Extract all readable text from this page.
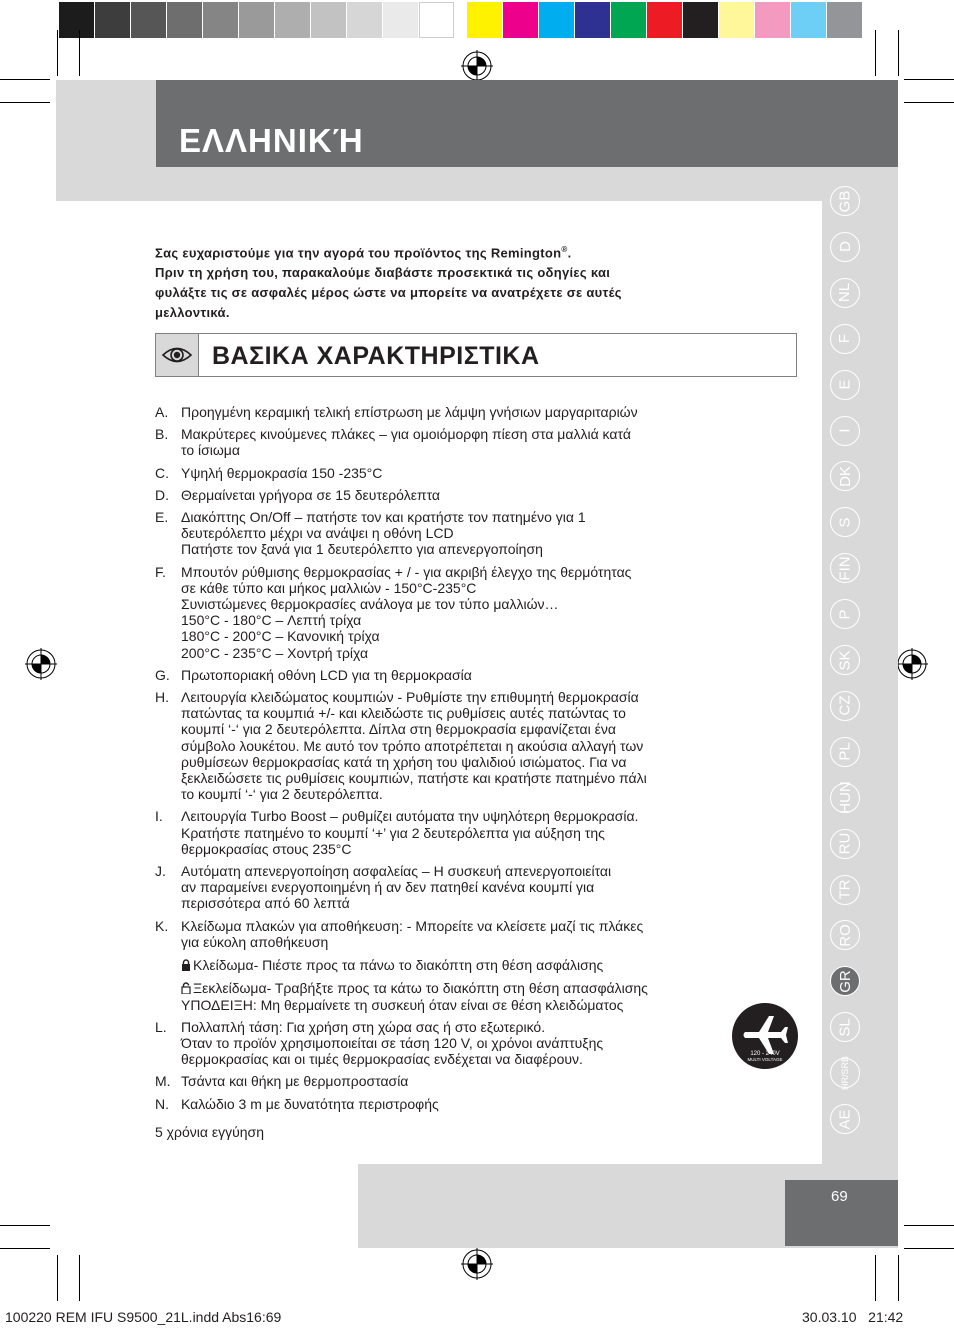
ΕΛΛΗΝΙΚΉ

Σας ευχαριστούμε για την αγορά του προϊόντος της Remington®.

Πριν τη χρήση του, παρακαλούμε διαβάστε προσεκτικά τις οδηγίες και

φυλάξτε τις σε ασφαλές μέρος ώστε να μπορείτε να ανατρέχετε σε αυτές

μελλοντικά.

ΒΑΣΙΚΑ ΧΑΡΑΚΤΗΡΙΣΤΙΚΑ
A. Προηγμένη κεραμική τελική επίστρωση με λάμψη γνήσιων μαργαριταριών
B. Μακρύτερες κινούμενες πλάκες – για ομοιόμορφη πίεση στα μαλλιά κατά
το ίσιωμα
C. Υψηλή θερμοκρασία 150 -235°C
D. Θερμαίνεται γρήγορα σε 15 δευτερόλεπτα
E. Διακόπτης On/Off – πατήστε τον και κρατήστε τον πατημένο για 1
δευτερόλεπτο μέχρι να ανάψει η οθόνη LCD
Πατήστε τον ξανά για 1 δευτερόλεπτο για απενεργοποίηση
F.	Μπουτόν ρύθμισης θερμοκρασίας + / - για ακριβή έλεγχο της θερμότητας
σε κάθε τύπο και μήκος μαλλιών - 150°C-235°C
Συνιστώμενες θερμοκρασίες ανάλογα με τον τύπο μαλλιών…
150°C - 180°C – Λεπτή τρίχα
180°C - 200°C – Κανονική τρίχα
200°C - 235°C – Χοντρή τρίχα
G. Πρωτοποριακή οθόνη LCD για τη θερμοκρασία
H. Λειτουργία κλειδώματος κουμπιών - Ρυθμίστε την επιθυμητή θερμοκρασία
πατώντας τα κουμπιά +/- και κλειδώστε τις ρυθμίσεις αυτές πατώντας το
κουμπί ‘-‘ για 2 δευτερόλεπτα. Δίπλα στη θερμοκρασία εμφανίζεται ένα
σύμβολο λουκέτου. Με αυτό τον τρόπο αποτρέπεται η ακούσια αλλαγή των
ρυθμίσεων θερμοκρασίας κατά τη χρήση του ψαλιδιού ισιώματος. Για να
ξεκλειδώσετε τις ρυθμίσεις κουμπιών, πατήστε και κρατήστε πατημένο πάλι
το κουμπί ‘-‘ για 2 δευτερόλεπτα.
I.	Λειτουργία Turbo Boost – ρυθμίζει αυτόματα την υψηλότερη θερμοκρασία.
Κρατήστε πατημένο το κουμπί ‘+’ για 2 δευτερόλεπτα για αύξηση της
θερμοκρασίας στους 235°C
J.	Αυτόματη απενεργοποίηση ασφαλείας – Η συσκευή απενεργοποιείται
αν παραμείνει ενεργοποιημένη ή αν δεν πατηθεί κανένα κουμπί για
περισσότερα από 60 λεπτά
K. Κλείδωμα πλακών για αποθήκευση: - Μπορείτε να κλείσετε μαζί τις πλάκες
για εύκολη αποθήκευση
Κλείδωμα- Πιέστε προς τα πάνω το διακόπτη στη θέση ασφάλισης
Ξεκλείδωμα- Τραβήξτε προς τα κάτω το διακόπτη στη θέση απασφάλισης
ΥΠΟΔΕΙΞΗ: Μη θερμαίνετε τη συσκευή όταν είναι σε θέση κλειδώματος
L.	Πολλαπλή τάση: Για χρήση στη χώρα σας ή στο εξωτερικό.
Όταν το προϊόν χρησιμοποιείται σε τάση 120 V, οι χρόνοι ανάπτυξης
θερμοκρασίας και οι τιμές θερμοκρασίας ενδέχεται να διαφέρουν.
M. Τσάντα και θήκη με θερμοπροστασία
N. Καλώδιο 3 m με δυνατότητα περιστροφής
120 - 240V
MULTI VOLTAGE
5 χρόνια εγγύηση
GB
D
NL
F
E
I
DK
S
FIN
P
SK
CZ
PL
HUN
RU
TR
RO
GR
SL
HR/SRB
AE
69
100220 REM IFU S9500_21L.indd Abs16:69	30.03.10   21:42
